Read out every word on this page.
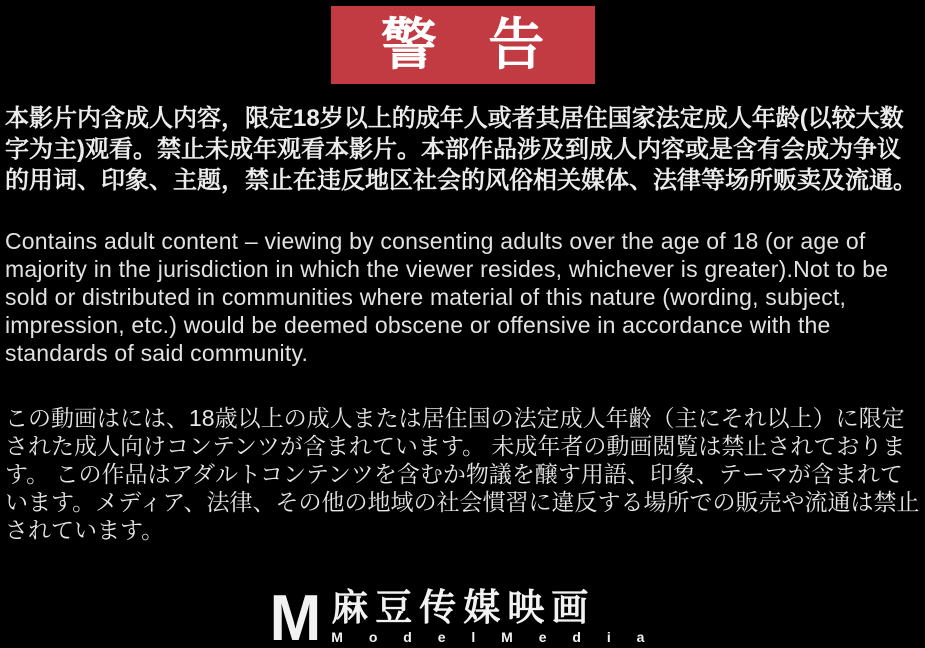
警 告

本影片内含成人内容，限定18岁以上的成年人或者其居住国家法定成人年龄(以较大数字为主)观看。禁止未成年观看本影片。本部作品涉及到成人内容或是含有会成为争议的用词、印象、主题，禁止在违反地区社会的风俗相关媒体、法律等场所贩卖及流通。

Contains adult content – viewing by consenting adults over the age of 18 (or age of majority in the jurisdiction in which the viewer resides, whichever is greater).Not to be sold or distributed in communities where material of this nature (wording, subject, impression, etc.) would be deemed obscene or offensive in accordance with the standards of said community.

この動画はには、18歳以上の成人または居住国の法定成人年齢（主にそれ以上）に限定された成人向けコンテンツが含まれています。 未成年者の動画閲覧は禁止されております。 この作品はアダルトコンテンツを含むか物議を醸す用語、印象、テーマが含まれています。メディア、法律、その他の地域の社会慣習に違反する場所での販売や流通は禁止されています。

M 麻豆传媒映画
M o d e l M e d i a
